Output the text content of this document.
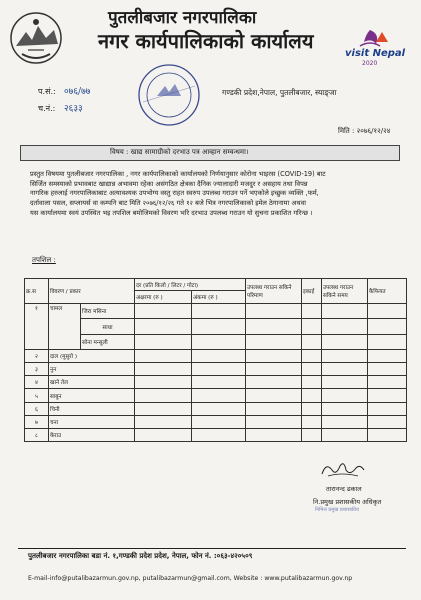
पुतलीबजार नगरपालिका
नगर कार्यपालिकाको कार्यालय
visit Nepal
2020
प.सं.: ०७६/७७
च.नं.: २६३३
गण्डकी प्रदेश,नेपाल, पुतलीबजार, स्याङ्जा
मिति : २०७६/१२/२४
विषय : खाद्य सामाग्रीको दरभाउ पत्र आव्हान सम्वन्धमा।
प्रस्तुत विषयमा पुतलीबजार नगरपालिका , नगर कार्यपालिकाको कार्यालयको निर्णयानुसार कोरोना भाइरस (COVID-19) बाट
सिर्जित समस्याको प्रभावबाट खाद्यान्न अभावमा रहेका असंगठित क्षेत्रका दैनिक ज्यालादारी मजदुर र असहाय तथा विपन्न
नागरिक हरुलाई नगरपालिकाबाट अत्यावश्यक उपभोग्य वस्तु राहत स्वरुप उपलब्ध गराउन पर्ने भएकोले इच्छुक व्यक्ति ,फर्म,
दर्तावाला पसल, सप्लायर्स वा कम्पनि बाट मिति २०७६/१२/२६ गते १२ बजे भित्र नगरपालिकाको इमेल ठेगानामा अथवा
यस कार्यालयमा स्वयं उपस्थित भइ तपशिल बमोजिमको विवरण भरि दरभाउ उपलब्ध गराउन यो सुचना प्रकाशित गरिन्छ ।
तपशिल :
क्र.स	विवरण / प्रकार		दर (प्रति किलो / लिटर / गोटा)		उपलब्ध गराउन सकिने परिमाण	इकाई	उपलब्ध गराउन सकिने समय	कैफियत
			अक्षरमा (रु )	अंकमा (रु )				
१	चामल	जिरा मसिना						
		साधा						
		सोना मन्सुली						
२	दाल (मुसुरो )							
३	नुन							
४	खाने तेल							
५	साबुन							
६	चिनी							
७	चना							
८	केराउ							
तारानन्द ढकाल
नि.प्रमुख प्रशासकीय अधिकृत
निमित्त प्रमुख प्रशासकीय
पुतलीबजार नगरपालिका बडा नं. १,गण्डकी प्रदेश प्रदेश, नेपाल, फोन नं. :०६३-४२०५०९
E-mail-info@putalibazarmun.gov.np, putalibazarmun@gmail.com, Website : www.putalibazarmun.gov.np
